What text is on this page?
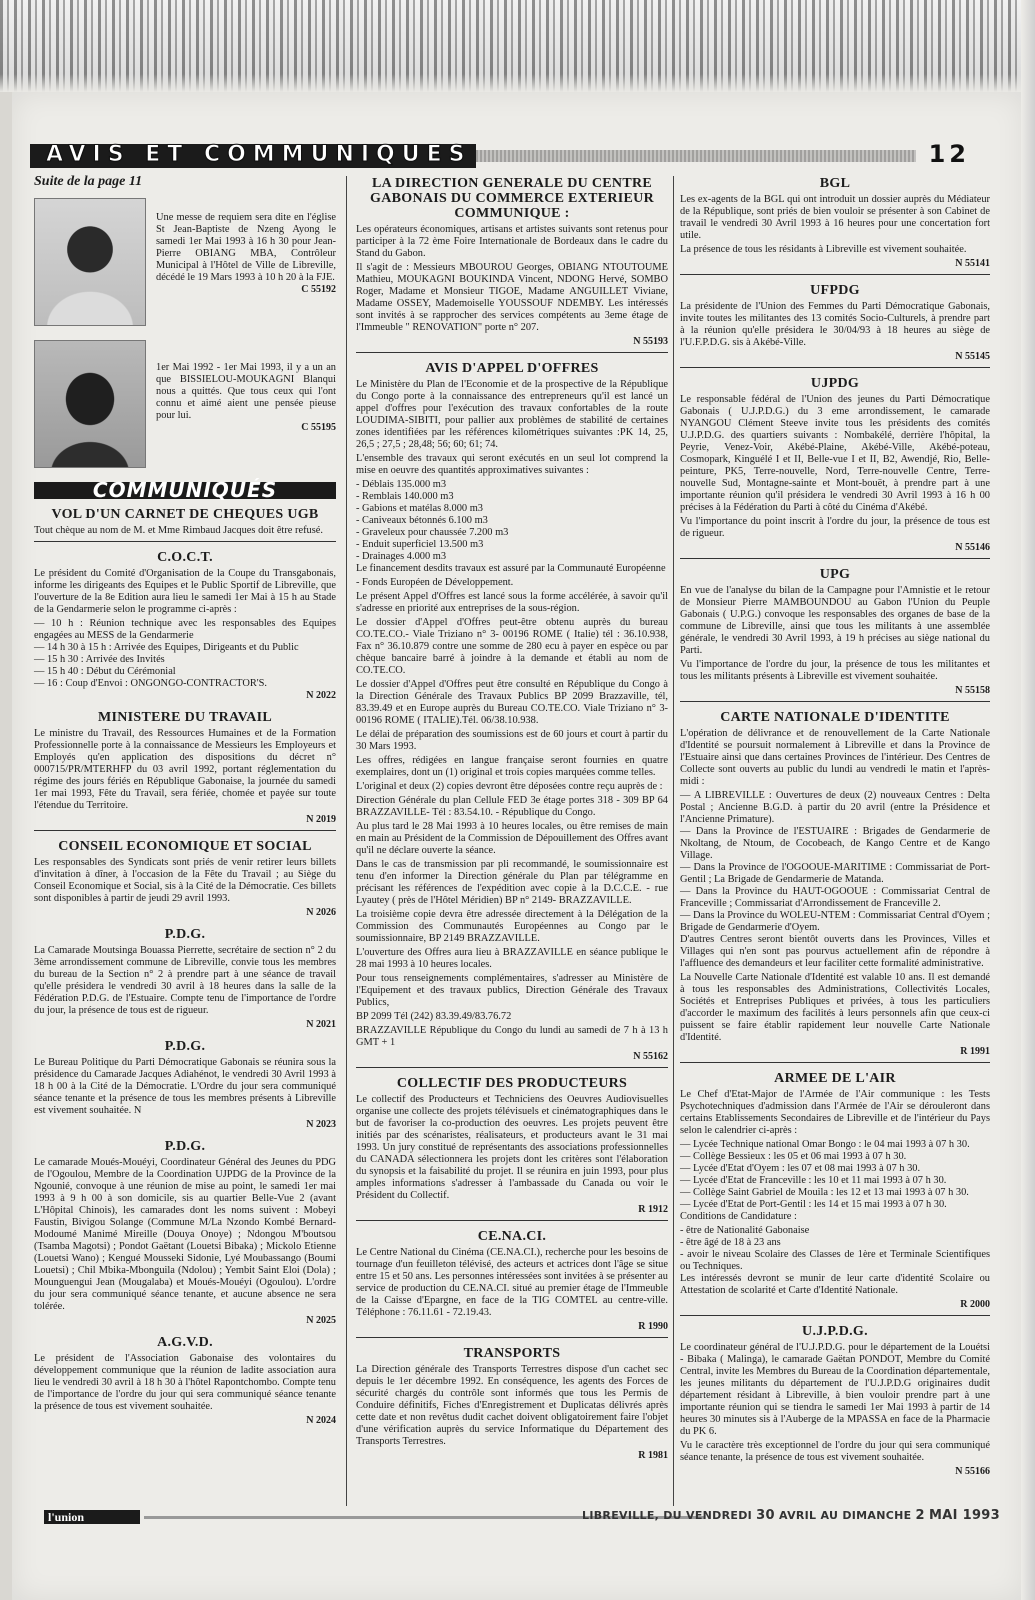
AVIS ET COMMUNIQUES	12
Suite de la page 11
Une messe de requiem sera dite en l'église St Jean-Baptiste de Nzeng Ayong le samedi 1er Mai 1993 à 16 h 30 pour Jean-Pierre OBIANG MBA, Contrôleur Municipal à l'Hôtel de Ville de Libreville, décédé le 19 Mars 1993 à 10 h 20 à la FJE.
C 55192
1er Mai 1992 - 1er Mai 1993, il y a un an que BISSIELOU-MOUKAGNI Blanqui nous a quittés. Que tous ceux qui l'ont connu et aimé aient une pensée pieuse pour lui.
C 55195
COMMUNIQUÉS
VOL D'UN CARNET DE CHEQUES UGB

Tout chèque au nom de M. et Mme Rimbaud Jacques doit être refusé.

C.O.C.T.

Le président du Comité d'Organisation de la Coupe du Transgabonais, informe les dirigeants des Equipes et le Public Sportif de Libreville, que l'ouverture de la 8e Edition aura lieu le samedi 1er Mai à 15 h au Stade de la Gendarmerie selon le programme ci-après :

— 10 h : Réunion technique avec les responsables des Equipes engagées au MESS de la Gendarmerie
— 14 h 30 à 15 h : Arrivée des Equipes, Dirigeants et du Public
— 15 h 30 : Arrivée des Invités
— 15 h 40 : Début du Cérémonial
— 16 : Coup d'Envoi : ONGONGO-CONTRACTOR'S.
N 2022
MINISTERE DU TRAVAIL

Le ministre du Travail, des Ressources Humaines et de la Formation Professionnelle porte à la connaissance de Messieurs les Employeurs et Employés qu'en application des dispositions du décret n° 000715/PR/MTERHFP du 03 avril 1992, portant réglementation du régime des jours fériés en République Gabonaise, la journée du samedi 1er mai 1993, Fête du Travail, sera fériée, chomée et payée sur toute l'étendue du Territoire.

N 2019
CONSEIL ECONOMIQUE ET SOCIAL

Les responsables des Syndicats sont priés de venir retirer leurs billets d'invitation à dîner, à l'occasion de la Fête du Travail ; au Siège du Conseil Economique et Social, sis à la Cité de la Démocratie. Ces billets sont disponibles à partir de jeudi 29 avril 1993.

N 2026
P.D.G.

La Camarade Moutsinga Bouassa Pierrette, secrétaire de section n° 2 du 3ème arrondissement commune de Libreville, convie tous les membres du bureau de la Section n° 2 à prendre part à une séance de travail qu'elle présidera le vendredi 30 avril à 18 heures dans la salle de la Fédération P.D.G. de l'Estuaire. Compte tenu de l'importance de l'ordre du jour, la présence de tous est de rigueur.

N 2021
P.D.G.

Le Bureau Politique du Parti Démocratique Gabonais se réunira sous la présidence du Camarade Jacques Adiahénot, le vendredi 30 Avril 1993 à 18 h 00 à la Cité de la Démocratie. L'Ordre du jour sera communiqué séance tenante et la présence de tous les membres présents à Libreville est vivement souhaitée. N

N 2023
P.D.G.

Le camarade Moués-Mouéyi, Coordinateur Général des Jeunes du PDG de l'Ogoulou, Membre de la Coordination UJPDG de la Province de la Ngounié, convoque à une réunion de mise au point, le samedi 1er mai 1993 à 9 h 00 à son domicile, sis au quartier Belle-Vue 2 (avant L'Hôpital Chinois), les camarades dont les noms suivent : Mobeyi Faustin, Bivigou Solange (Commune M/La Nzondo Kombé Bernard-Modoumé Manimé Mireille (Douya Onoye) ; Ndongou M'boutsou (Tsamba Magotsi) ; Pondot Gaëtant (Louetsi Bibaka) ; Mickolo Etienne (Louetsi Wano) ; Kengué Mousseki Sidonie, Lyé Moubassango (Boumi Louetsi) ; Chil Mbika-Mbonguila (Ndolou) ; Yembit Saint Eloi (Dola) ; Mounguengui Jean (Mougalaba) et Moués-Mouéyi (Ogoulou). L'ordre du jour sera communiqué séance tenante, et aucune absence ne sera tolérée.

N 2025
A.G.V.D.

Le président de l'Association Gabonaise des volontaires du développement communique que la réunion de ladite association aura lieu le vendredi 30 avril à 18 h 30 à l'hôtel Rapontchombo. Compte tenu de l'importance de l'ordre du jour qui sera communiqué séance tenante la présence de tous est vivement souhaitée.

N 2024
LA DIRECTION GENERALE DU CENTRE GABONAIS DU COMMERCE EXTERIEUR COMMUNIQUE :

Les opérateurs économiques, artisans et artistes suivants sont retenus pour participer à la 72 ème Foire Internationale de Bordeaux dans le cadre du Stand du Gabon.

Il s'agit de : Messieurs MBOUROU Georges, OBIANG NTOUTOUME Mathieu, MOUKAGNI BOUKINDA Vincent, NDONG Hervé, SOMBO Roger, Madame et Monsieur TIGOE, Madame ANGUILLET Viviane, Madame OSSEY, Mademoiselle YOUSSOUF NDEMBY. Les intéressés sont invités à se rapprocher des services compétents au 3eme étage de l'Immeuble " RENOVATION" porte n° 207.

N 55193
AVIS D'APPEL D'OFFRES

Le Ministère du Plan de l'Economie et de la prospective de la République du Congo porte à la connaissance des entrepreneurs qu'il est lancé un appel d'offres pour l'exécution des travaux confortables de la route LOUDIMA-SIBITI, pour pallier aux problèmes de stabilité de certaines zones identifiées par les références kilométriques suivantes :PK 14, 25, 26,5 ; 27,5 ; 28,48; 56; 60; 61; 74.

L'ensemble des travaux qui seront exécutés en un seul lot comprend la mise en oeuvre des quantités approximatives suivantes :

- Déblais 135.000 m3
- Remblais 140.000 m3
- Gabions et matélas 8.000 m3
- Caniveaux bétonnés 6.100 m3
- Graveleux pour chaussée 7.200 m3
- Enduit superficiel 13.500 m3
- Drainages 4.000 m3

Le financement desdits travaux est assuré par la Communauté Européenne

- Fonds Européen de Développement.

Le présent Appel d'Offres est lancé sous la forme accélérée, à savoir qu'il s'adresse en priorité aux entreprises de la sous-région.

Le dossier d'Appel d'Offres peut-être obtenu auprès du bureau CO.TE.CO.- Viale Triziano n° 3- 00196 ROME ( Italie) tél : 36.10.938, Fax n° 36.10.879 contre une somme de 280 ecu à payer en espèce ou par chèque bancaire barré à joindre à la demande et établi au nom de CO.TE.CO.

Le dossier d'Appel d'Offres peut être consulté en République du Congo à la Direction Générale des Travaux Publics BP 2099 Brazzaville, tél, 83.39.49 et en Europe auprès du Bureau CO.TE.CO. Viale Triziano n° 3-00196 ROME ( ITALIE).Tél. 06/38.10.938.

Le délai de préparation des soumissions est de 60 jours et court à partir du 30 Mars 1993.

Les offres, rédigées en langue française seront fournies en quatre exemplaires, dont un (1) original et trois copies marquées comme telles.

L'original et deux (2) copies devront être déposées contre reçu auprès de :

Direction Générale du plan Cellule FED 3e étage portes 318 - 309 BP 64 BRAZZAVILLE- Tél : 83.54.10. - République du Congo.

Au plus tard le 28 Mai 1993 à 10 heures locales, ou être remises de main en main au Président de la Commission de Dépouillement des Offres avant qu'il ne déclare ouverte la séance.

Dans le cas de transmission par pli recommandé, le soumissionnaire est tenu d'en informer la Direction générale du Plan par télégramme en précisant les références de l'expédition avec copie à la D.C.C.E. - rue Lyautey ( près de l'Hôtel Méridien) BP n° 2149- BRAZZAVILLE.

La troisième copie devra être adressée directement à la Délégation de la Commission des Communautés Européennes au Congo par le soumissionnaire, BP 2149 BRAZZAVILLE.

L'ouverture des Offres aura lieu à BRAZZAVILLE en séance publique le 28 mai 1993 à 10 heures locales.

Pour tous renseignements complémentaires, s'adresser au Ministère de l'Equipement et des travaux publics, Direction Générale des Travaux Publics,

BP 2099 Tél (242) 83.39.49/83.76.72

BRAZZAVILLE République du Congo du lundi au samedi de 7 h à 13 h GMT + 1

N 55162
COLLECTIF DES PRODUCTEURS

Le collectif des Producteurs et Techniciens des Oeuvres Audiovisuelles organise une collecte des projets télévisuels et cinématographiques dans le but de favoriser la co-production des oeuvres. Les projets peuvent être initiés par des scénaristes, réalisateurs, et producteurs avant le 31 mai 1993. Un jury constitué de représentants des associations professionnelles du CANADA sélectionnera les projets dont les critères sont l'élaboration du synopsis et la faisabilité du projet. Il se réunira en juin 1993, pour plus amples informations s'adresser à l'ambassade du Canada ou voir le Président du Collectif.

R 1912
CE.NA.CI.

Le Centre National du Cinéma (CE.NA.CI.), recherche pour les besoins de tournage d'un feuilleton télévisé, des acteurs et actrices dont l'âge se situe entre 15 et 50 ans. Les personnes intéressées sont invitées à se présenter au service de production du CE.NA.CI. situé au premier étage de l'Immeuble de la Caisse d'Epargne, en face de la TIG COMTEL au centre-ville. Téléphone : 76.11.61 - 72.19.43.

R 1990
TRANSPORTS

La Direction générale des Transports Terrestres dispose d'un cachet sec depuis le 1er décembre 1992. En conséquence, les agents des Forces de sécurité chargés du contrôle sont informés que tous les Permis de Conduire définitifs, Fiches d'Enregistrement et Duplicatas délivrés après cette date et non revêtus dudit cachet doivent obligatoirement faire l'objet d'une vérification auprès du service Informatique du Département des Transports Terrestres.

R 1981
BGL

Les ex-agents de la BGL qui ont introduit un dossier auprès du Médiateur de la République, sont priés de bien vouloir se présenter à son Cabinet de travail le vendredi 30 Avril 1993 à 16 heures pour une concertation fort utile.

La présence de tous les résidants à Libreville est vivement souhaitée.

N 55141
UFPDG

La présidente de l'Union des Femmes du Parti Démocratique Gabonais, invite toutes les militantes des 13 comités Socio-Culturels, à prendre part à la réunion qu'elle présidera le 30/04/93 à 18 heures au siège de l'U.F.P.D.G. sis à Akébé-Ville.

N 55145
UJPDG

Le responsable fédéral de l'Union des jeunes du Parti Démocratique Gabonais ( U.J.P.D.G.) du 3 eme arrondissement, le camarade NYANGOU Clément Steeve invite tous les présidents des comités U.J.P.D.G. des quartiers suivants : Nombakélé, derrière l'hôpital, la Peyrie, Venez-Voir, Akébé-Plaine, Akébé-Ville, Akébé-poteau, Cosmopark, Kinguélé I et II, Belle-vue I et II, B2, Awendjé, Rio, Belle-peinture, PK5, Terre-nouvelle, Nord, Terre-nouvelle Centre, Terre-nouvelle Sud, Montagne-sainte et Mont-bouët, à prendre part à une importante réunion qu'il présidera le vendredi 30 Avril 1993 à 16 h 00 précises à la Fédération du Parti à côté du Cinéma d'Akébé.

Vu l'importance du point inscrit à l'ordre du jour, la présence de tous est de rigueur.

N 55146
UPG

En vue de l'analyse du bilan de la Campagne pour l'Amnistie et le retour de Monsieur Pierre MAMBOUNDOU au Gabon l'Union du Peuple Gabonais ( U.P.G.) convoque les responsables des organes de base de la commune de Libreville, ainsi que tous les militants à une assemblée générale, le vendredi 30 Avril 1993, à 19 h précises au siège national du Parti.

Vu l'importance de l'ordre du jour, la présence de tous les militantes et tous les militants présents à Libreville est vivement souhaitée.

N 55158
CARTE NATIONALE D'IDENTITE

L'opération de délivrance et de renouvellement de la Carte Nationale d'Identité se poursuit normalement à Libreville et dans la Province de l'Estuaire ainsi que dans certaines Provinces de l'intérieur. Des Centres de Collecte sont ouverts au public du lundi au vendredi le matin et l'après-midi :

— A LIBREVILLE : Ouvertures de deux (2) nouveaux Centres : Delta Postal ; Ancienne B.G.D. à partir du 20 avril (entre la Présidence et l'Ancienne Primature).
— Dans la Province de l'ESTUAIRE : Brigades de Gendarmerie de Nkoltang, de Ntoum, de Cocobeach, de Kango Centre et de Kango Village.
— Dans la Province de l'OGOOUE-MARITIME : Commissariat de Port-Gentil ; La Brigade de Gendarmerie de Matanda.
— Dans la Province du HAUT-OGOOUE : Commissariat Central de Franceville ; Commissariat d'Arrondissement de Franceville 2.
— Dans la Province du WOLEU-NTEM : Commissariat Central d'Oyem ; Brigade de Gendarmerie d'Oyem.

D'autres Centres seront bientôt ouverts dans les Provinces, Villes et Villages qui n'en sont pas pourvus actuellement afin de répondre à l'affluence des demandeurs et leur faciliter cette formalité administrative.

La Nouvelle Carte Nationale d'Identité est valable 10 ans. Il est demandé à tous les responsables des Administrations, Collectivités Locales, Sociétés et Entreprises Publiques et privées, à tous les particuliers d'accorder le maximum des facilités à leurs personnels afin que ceux-ci puissent se faire établir rapidement leur nouvelle Carte Nationale d'Identité.

R 1991
ARMEE DE L'AIR

Le Chef d'Etat-Major de l'Armée de l'Air communique : les Tests Psychotechniques d'admission dans l'Armée de l'Air se dérouleront dans certains Etablissements Secondaires de Libreville et de l'intérieur du Pays selon le calendrier ci-après :

— Lycée Technique national Omar Bongo : le 04 mai 1993 à 07 h 30.
— Collège Bessieux : les 05 et 06 mai 1993 à 07 h 30.
— Lycée d'Etat d'Oyem : les 07 et 08 mai 1993 à 07 h 30.
— Lycée d'Etat de Franceville : les 10 et 11 mai 1993 à 07 h 30.
— Collège Saint Gabriel de Mouila : les 12 et 13 mai 1993 à 07 h 30.
— Lycée d'Etat de Port-Gentil : les 14 et 15 mai 1993 à 07 h 30.

Conditions de Candidature :

- être de Nationalité Gabonaise
- être âgé de 18 à 23 ans
- avoir le niveau Scolaire des Classes de 1ère et Terminale Scientifiques ou Techniques.

Les intéressés devront se munir de leur carte d'identité Scolaire ou Attestation de scolarité et Carte d'Identité Nationale.

R 2000
U.J.P.D.G.

Le coordinateur général de l'U.J.P.D.G. pour le département de la Louétsi - Bibaka ( Malinga), le camarade Gaëtan PONDOT, Membre du Comité Central, invite les Membres du Bureau de la Coordination départementale, les jeunes militants du département de l'U.J.P.D.G originaires dudit département résidant à Libreville, à bien vouloir prendre part à une importante réunion qui se tiendra le samedi 1er Mai 1993 à partir de 14 heures 30 minutes sis à l'Auberge de la MPASSA en face de la Pharmacie du PK 6.

Vu le caractère très exceptionnel de l'ordre du jour qui sera communiqué séance tenante, la présence de tous est vivement souhaitée.

N 55166
l'union	LIBREVILLE, DU VENDREDI 30 AVRIL AU DIMANCHE 2 MAI 1993
